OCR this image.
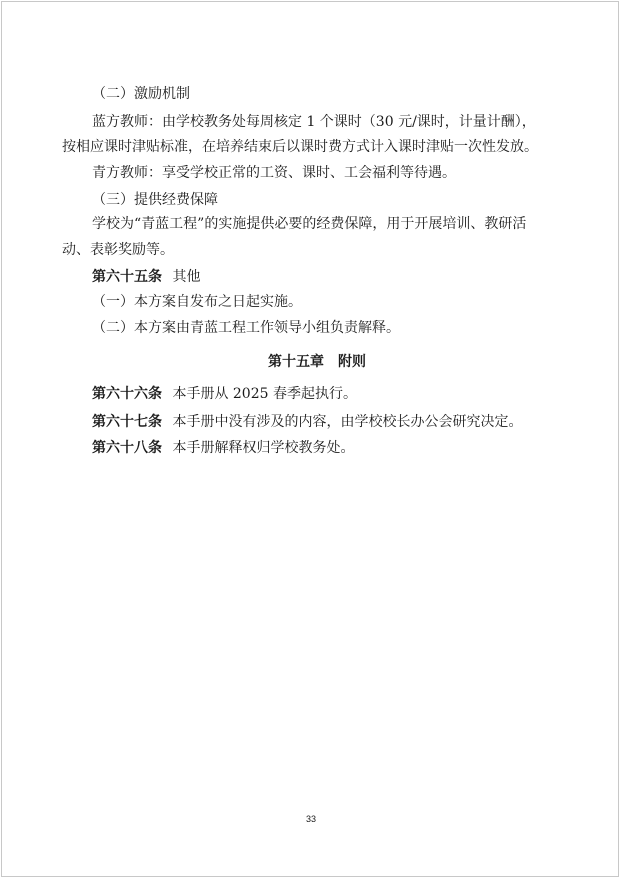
（二）激励机制
蓝方教师：由学校教务处每周核定 1 个课时（30 元/课时，计量计酬），
按相应课时津贴标准，在培养结束后以课时费方式计入课时津贴一次性发放。
青方教师：享受学校正常的工资、课时、工会福利等待遇。
（三）提供经费保障
学校为“青蓝工程”的实施提供必要的经费保障，用于开展培训、教研活
动、表彰奖励等。
第六十五条 其他
（一）本方案自发布之日起实施。
（二）本方案由青蓝工程工作领导小组负责解释。
第十五章　附则
第六十六条 本手册从 2025 春季起执行。
第六十七条 本手册中没有涉及的内容，由学校校长办公会研究决定。
第六十八条 本手册解释权归学校教务处。
33
